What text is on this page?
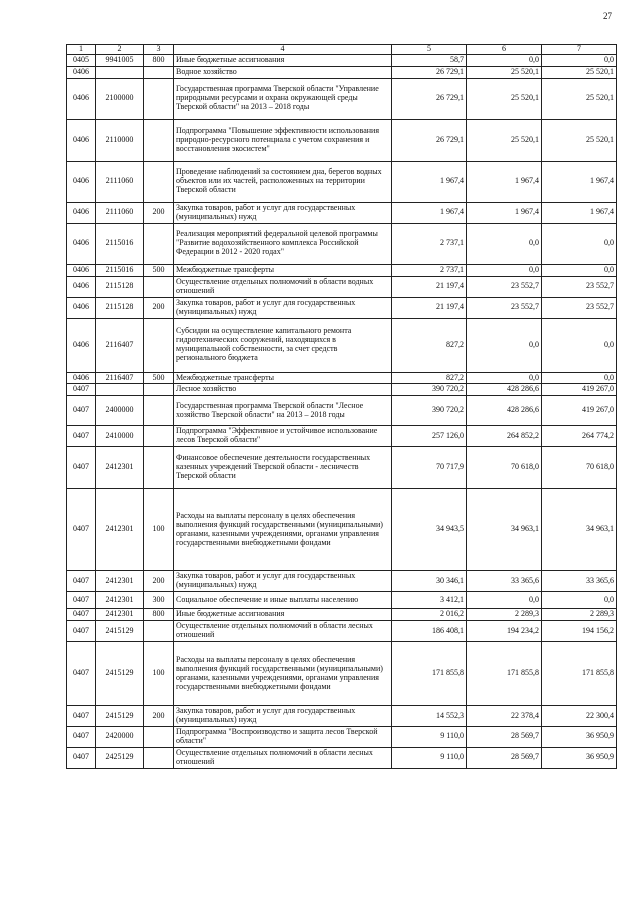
27
1	2	3	4	5	6	7
0405	9941005	800	Иные бюджетные ассигнования	58,7	0,0	0,0
0406			Водное хозяйство	26 729,1	25 520,1	25 520,1
0406	2100000		Государственная программа Тверской области "Управление природными ресурсами и охрана окружающей среды Тверской области" на 2013 – 2018 годы	26 729,1	25 520,1	25 520,1
0406	2110000		Подпрограмма "Повышение эффективности использования природно-ресурсного потенциала с учетом сохранения и восстановления экосистем"	26 729,1	25 520,1	25 520,1
0406	2111060		Проведение наблюдений за состоянием дна, берегов водных объектов или их частей, расположенных на территории Тверской области	1 967,4	1 967,4	1 967,4
0406	2111060	200	Закупка товаров, работ и услуг для государственных (муниципальных) нужд	1 967,4	1 967,4	1 967,4
0406	2115016		Реализация мероприятий федеральной целевой программы "Развитие водохозяйственного комплекса Российской Федерации в 2012 - 2020 годах"	2 737,1	0,0	0,0
0406	2115016	500	Межбюджетные трансферты	2 737,1	0,0	0,0
0406	2115128		Осуществление отдельных полномочий в области водных отношений	21 197,4	23 552,7	23 552,7
0406	2115128	200	Закупка товаров, работ и услуг для государственных (муниципальных) нужд	21 197,4	23 552,7	23 552,7
0406	2116407		Субсидии на осуществление капитального ремонта гидротехнических сооружений, находящихся в муниципальной собственности, за счет средств регионального бюджета	827,2	0,0	0,0
0406	2116407	500	Межбюджетные трансферты	827,2	0,0	0,0
0407			Лесное хозяйство	390 720,2	428 286,6	419 267,0
0407	2400000		Государственная программа Тверской области "Лесное хозяйство Тверской области" на 2013 – 2018 годы	390 720,2	428 286,6	419 267,0
0407	2410000		Подпрограмма "Эффективное и устойчивое использование лесов Тверской области"	257 126,0	264 852,2	264 774,2
0407	2412301		Финансовое обеспечение деятельности государственных казенных учреждений Тверской области - лесничеств Тверской области	70 717,9	70 618,0	70 618,0
0407	2412301	100	Расходы на выплаты персоналу в целях обеспечения выполнения функций государственными (муниципальными) органами, казенными учреждениями, органами управления государственными внебюджетными фондами	34 943,5	34 963,1	34 963,1
0407	2412301	200	Закупка товаров, работ и услуг для государственных (муниципальных) нужд	30 346,1	33 365,6	33 365,6
0407	2412301	300	Социальное обеспечение и иные выплаты населению	3 412,1	0,0	0,0
0407	2412301	800	Иные бюджетные ассигнования	2 016,2	2 289,3	2 289,3
0407	2415129		Осуществление отдельных полномочий в области лесных отношений	186 408,1	194 234,2	194 156,2
0407	2415129	100	Расходы на выплаты персоналу в целях обеспечения выполнения функций государственными (муниципальными) органами, казенными учреждениями, органами управления государственными внебюджетными фондами	171 855,8	171 855,8	171 855,8
0407	2415129	200	Закупка товаров, работ и услуг для государственных (муниципальных) нужд	14 552,3	22 378,4	22 300,4
0407	2420000		Подпрограмма "Воспроизводство и защита лесов Тверской области"	9 110,0	28 569,7	36 950,9
0407	2425129		Осуществление отдельных полномочий в области лесных отношений	9 110,0	28 569,7	36 950,9
